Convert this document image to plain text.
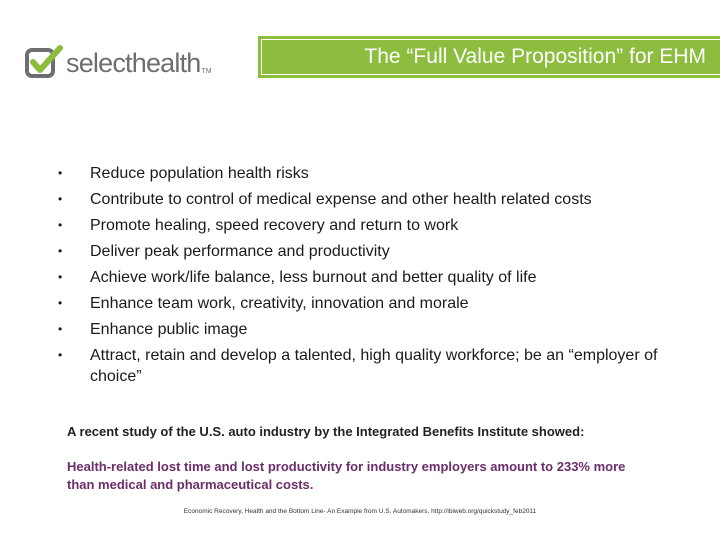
selecthealth TM
The “Full Value Proposition” for EHM
•	Reduce population health risks
•	Contribute to control of medical expense and other health related costs
•	Promote healing, speed recovery and return to work
•	Deliver peak performance and productivity
•	Achieve work/life balance, less burnout and better quality of life
•	Enhance team work, creativity, innovation and morale
•	Enhance public image
•	Attract, retain and develop a talented, high quality workforce; be an “employer of choice”
A recent study of the U.S. auto industry by the Integrated Benefits Institute showed:
Health-related lost time and lost productivity for industry employers amount to 233% more than medical and pharmaceutical costs.
Economic Recovery, Health and the Bottom Line- An Example from U.S. Automakers. http://ibiweb.org/quickstudy_feb2011
